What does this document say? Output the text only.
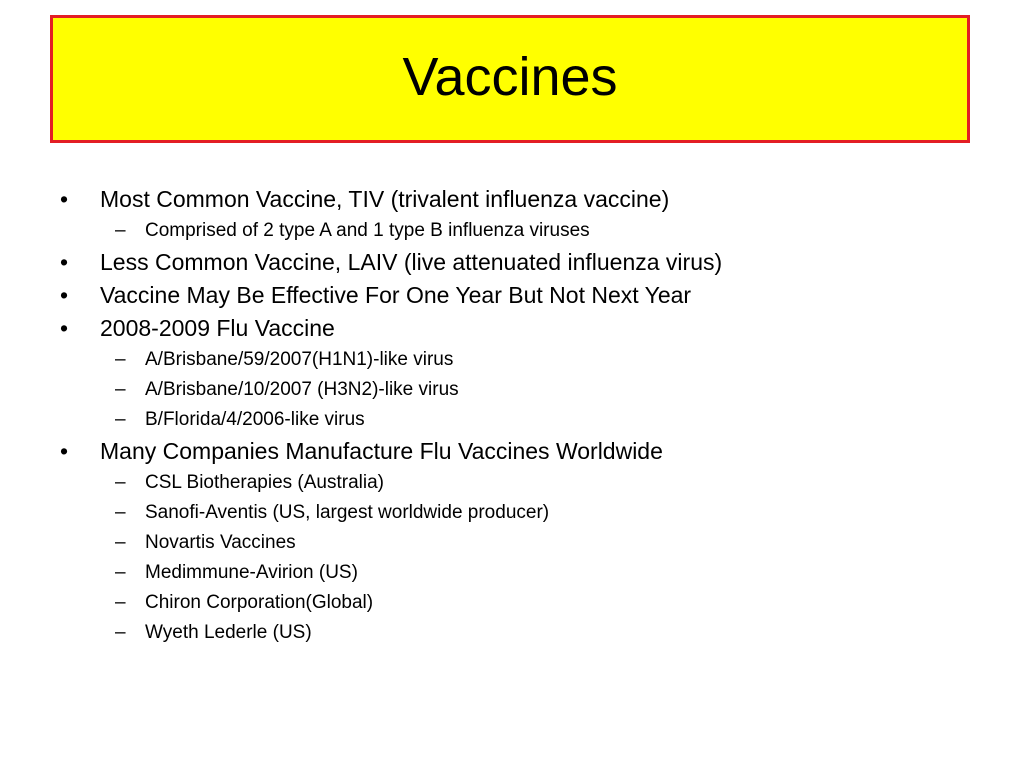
Vaccines
•	Most Common Vaccine, TIV (trivalent influenza vaccine)
–	Comprised of 2 type A and 1 type B influenza viruses
•	Less Common Vaccine, LAIV (live attenuated influenza virus)
•	Vaccine May Be Effective For One Year But Not Next Year
•	2008-2009 Flu Vaccine
–	A/Brisbane/59/2007(H1N1)-like virus
–	A/Brisbane/10/2007 (H3N2)-like virus
–	B/Florida/4/2006-like virus
•	Many Companies Manufacture Flu Vaccines Worldwide
–	CSL Biotherapies (Australia)
–	Sanofi-Aventis (US, largest worldwide producer)
–	Novartis Vaccines
–	Medimmune-Avirion (US)
–	Chiron Corporation(Global)
–	Wyeth Lederle (US)
